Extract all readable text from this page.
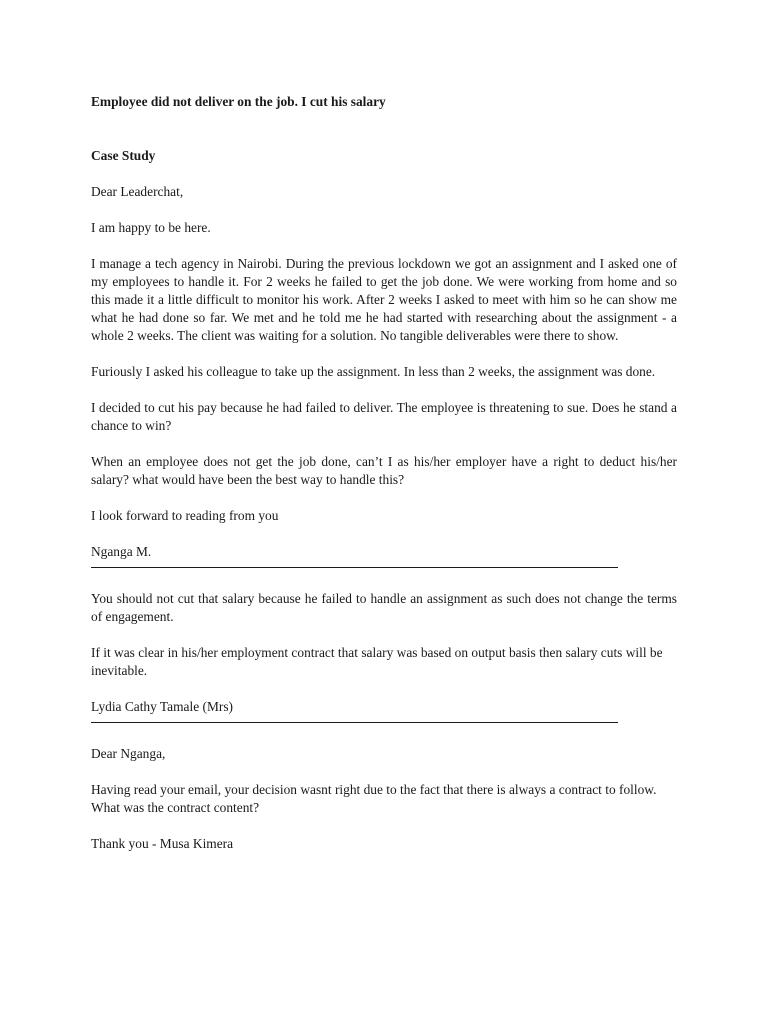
Employee did not deliver on the job. I cut his salary

Case Study

Dear Leaderchat,

I am happy to be here.

I manage a tech agency in Nairobi. During the previous lockdown we got an assignment and I asked one of my employees to handle it. For 2 weeks he failed to get the job done. We were working from home and so this made it a little difficult to monitor his work. After 2 weeks I asked to meet with him so he can show me what he had done so far. We met and he told me he had started with researching about the assignment - a whole 2 weeks. The client was waiting for a solution. No tangible deliverables were there to show.

Furiously I asked his colleague to take up the assignment. In less than 2 weeks, the assignment was done.

I decided to cut his pay because he had failed to deliver. The employee is threatening to sue. Does he stand a chance to win?

When an employee does not get the job done, can’t I as his/her employer have a right to deduct his/her salary? what would have been the best way to handle this?

I look forward to reading from you

Nganga M.

You should not cut that salary because he failed to handle an assignment as such does not change the terms of engagement.

If it was clear in his/her employment contract that salary was based on output basis then salary cuts will be inevitable.

Lydia Cathy Tamale (Mrs)

Dear Nganga,

Having read your email, your decision wasnt right due to the fact that there is always a contract to follow.

What was the contract content?

Thank you - Musa Kimera
